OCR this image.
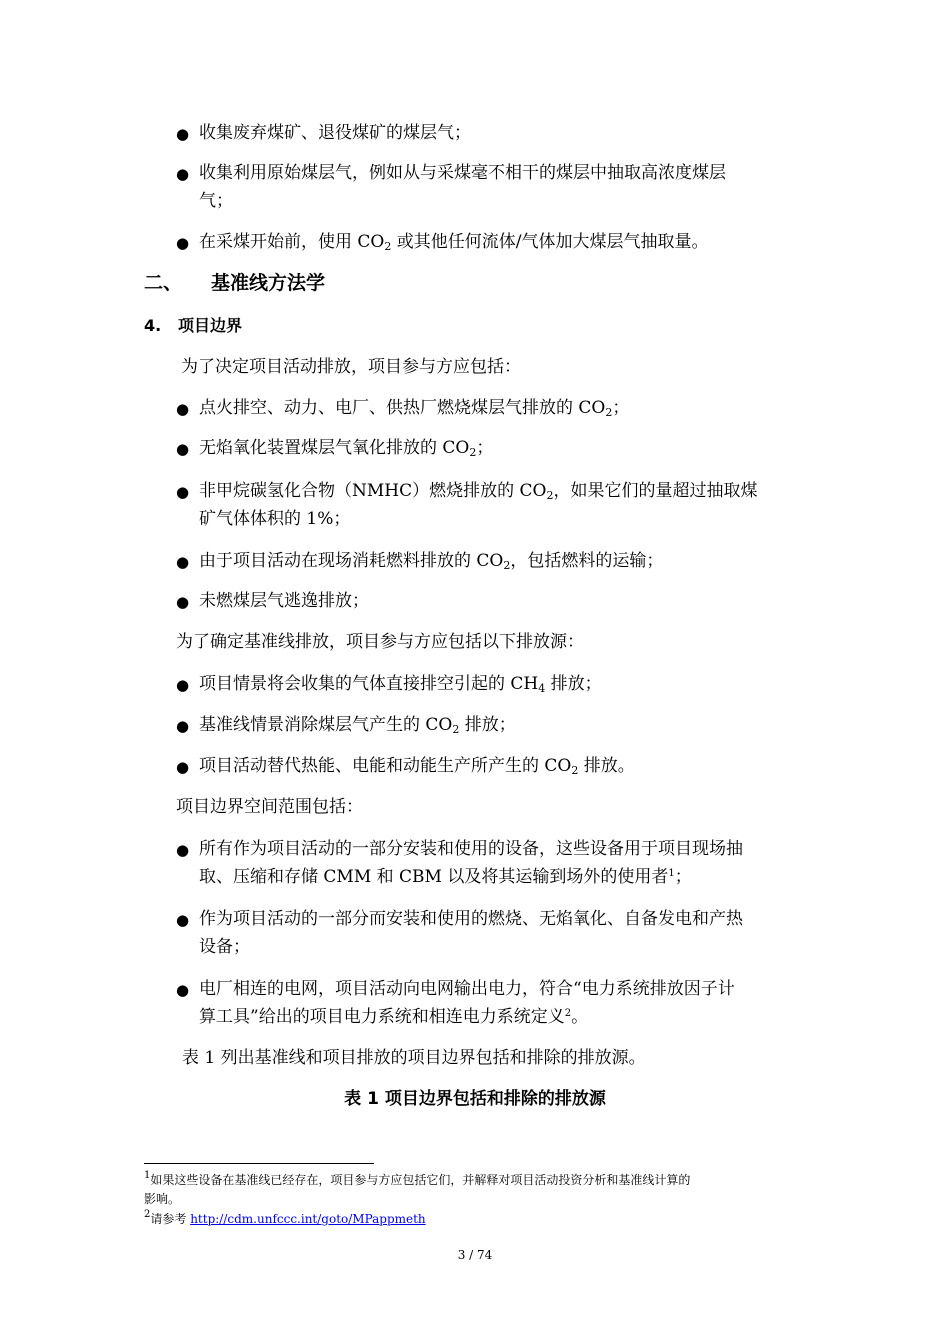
● 收集废弃煤矿、退役煤矿的煤层气；
● 收集利用原始煤层气，例如从与采煤毫不相干的煤层中抽取高浓度煤层
气；
● 在采煤开始前，使用 $CO_2$ 或其他任何流体/气体加大煤层气抽取量。
二、 基准线方法学
4. 项目边界
为了决定项目活动排放，项目参与方应包括：
● 点火排空、动力、电厂、供热厂燃烧煤层气排放的 $CO_2$；
● 无焰氧化装置煤层气氧化排放的 $CO_2$；
● 非甲烷碳氢化合物（NMHC）燃烧排放的 $CO_2$，如果它们的量超过抽取煤
矿气体体积的 1%；
● 由于项目活动在现场消耗燃料排放的 $CO_2$，包括燃料的运输；
● 未燃煤层气逃逸排放；
为了确定基准线排放，项目参与方应包括以下排放源：
● 项目情景将会收集的气体直接排空引起的 $CH_4$ 排放；
● 基准线情景消除煤层气产生的 $CO_2$ 排放；
● 项目活动替代热能、电能和动能生产所产生的 $CO_2$ 排放。
项目边界空间范围包括：
● 所有作为项目活动的一部分安装和使用的设备，这些设备用于项目现场抽
取、压缩和存储 CMM 和 CBM 以及将其运输到场外的使用者$^1$；
● 作为项目活动的一部分而安装和使用的燃烧、无焰氧化、自备发电和产热
设备；
● 电厂相连的电网，项目活动向电网输出电力，符合“电力系统排放因子计
算工具”给出的项目电力系统和相连电力系统定义$^2$。
表 1 列出基准线和项目排放的项目边界包括和排除的排放源。
表 1 项目边界包括和排除的排放源
$^1$如果这些设备在基准线已经存在，项目参与方应包括它们，并解释对项目活动投资分析和基准线计算的
影响。
$^2$请参考 http://cdm.unfccc.int/goto/MPappmeth
3 / 74
